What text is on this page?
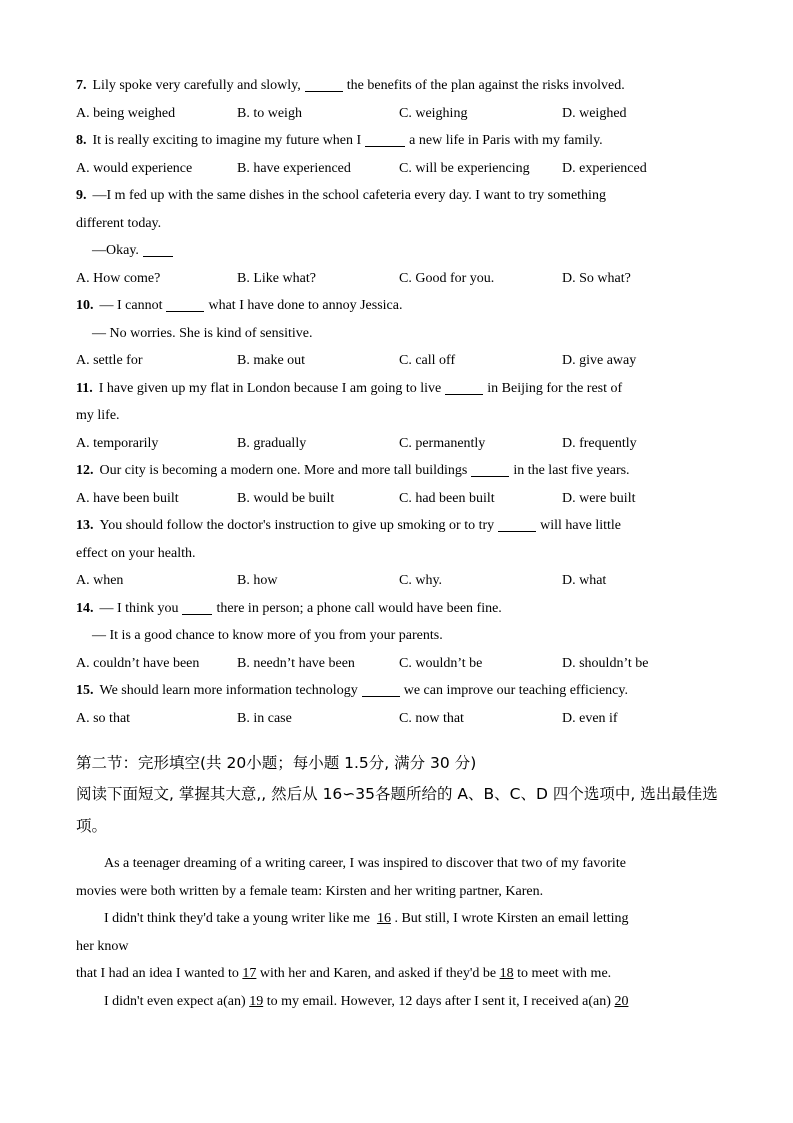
7. Lily spoke very carefully and slowly,	the benefits of the plan against the risks involved.
A. being weighed	B. to weigh	C. weighing	D. weighed
8. It is really exciting to imagine my future when I	a new life in Paris with my family.
A. would experience	B. have experienced	C. will be experiencing D. experienced
9. —I m fed up with the same dishes in the school cafeteria every day. I want to try something
different today.
—Okay.
A. How come?	B. Like what?	C. Good for you.	D. So what?
10. — I cannot	what I have done to annoy Jessica.
— No worries. She is kind of sensitive.
A. settle for	B. make out	C. call off	D. give away
11. I have given up my flat in London because I am going to live	in Beijing for the rest of
my life.
A. temporarily	B. gradually	C. permanently	D. frequently
12. Our city is becoming a modern one. More and more tall buildings	in the last five years.
A. have been built	B. would be built	C. had been built	D. were built
13. You should follow the doctor's instruction to give up smoking or to try	will have little
effect on your health.
A. when	B. how	C. why.	D. what
14. — I think you	there in person; a phone call would have been fine.
— It is a good chance to know more of you from your parents.
A. couldn’t have been	B. needn’t have been	C. wouldn’t be	D. shouldn’t be
15. We should learn more information technology	we can improve our teaching efficiency.
A. so that	B. in case	C. now that	D. even if
第二节：完形填空(共 20小题；每小题 1.5分, 满分 30 分)
阅读下面短文, 掌握其大意,, 然后从 16∽35各题所给的 A、B、C、D 四个选项中, 选出最佳选
项。
As a teenager dreaming of a writing career, I was inspired to discover that two of my favorite
movies were both written by a female team: Kirsten and her writing partner, Karen.
I didn't think they'd take a young writer like me 16 . But still, I wrote Kirsten an email letting
her know
that I had an idea I wanted to 17 with her and Karen, and asked if they'd be 18 to meet with me.
I didn't even expect a(an) 19 to my email. However, 12 days after I sent it, I received a(an) 20
